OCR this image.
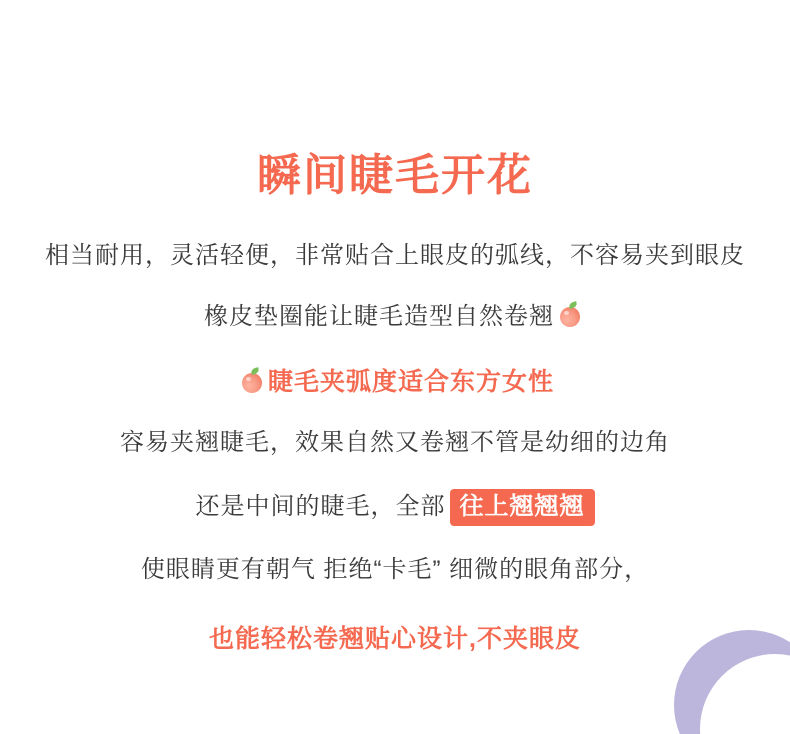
瞬间睫毛开花

相当耐用，灵活轻便，非常贴合上眼皮的弧线，不容易夹到眼皮

橡皮垫圈能让睫毛造型自然卷翘

睫毛夹弧度适合东方女性

容易夹翘睫毛，效果自然又卷翘不管是幼细的边角

还是中间的睫毛，全部 往上翘翘翘

使眼睛更有朝气 拒绝“卡毛” 细微的眼角部分，

也能轻松卷翘贴心设计,不夹眼皮
